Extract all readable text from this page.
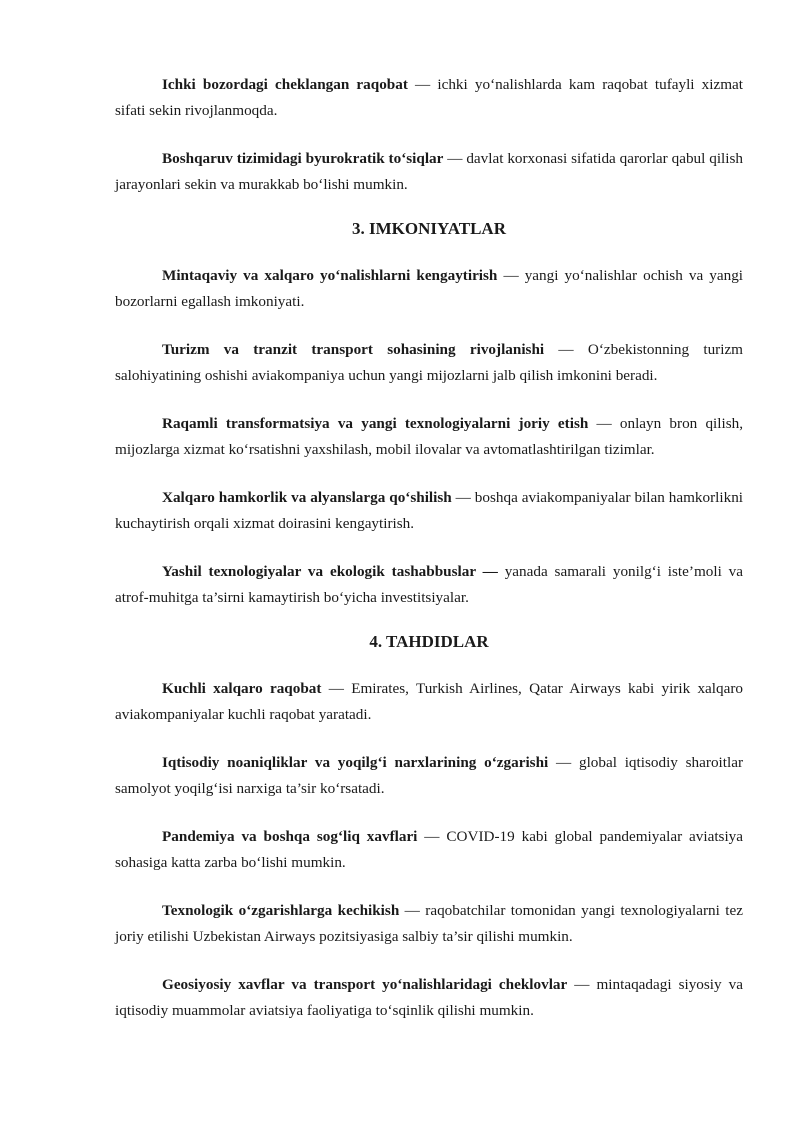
Ichki bozordagi cheklangan raqobat — ichki yo‘nalishlarda kam raqobat tufayli xizmat sifati sekin rivojlanmoqda.

Boshqaruv tizimidagi byurokratik to‘siqlar — davlat korxonasi sifatida qarorlar qabul qilish jarayonlari sekin va murakkab bo‘lishi mumkin.

3. IMKONIYATLAR

Mintaqaviy va xalqaro yo‘nalishlarni kengaytirish — yangi yo‘nalishlar ochish va yangi bozorlarni egallash imkoniyati.

Turizm va tranzit transport sohasining rivojlanishi — O‘zbekistonning turizm salohiyatining oshishi aviakompaniya uchun yangi mijozlarni jalb qilish imkonini beradi.

Raqamli transformatsiya va yangi texnologiyalarni joriy etish — onlayn bron qilish, mijozlarga xizmat ko‘rsatishni yaxshilash, mobil ilovalar va avtomatlashtirilgan tizimlar.

Xalqaro hamkorlik va alyanslarga qo‘shilish — boshqa aviakompaniyalar bilan hamkorlikni kuchaytirish orqali xizmat doirasini kengaytirish.

Yashil texnologiyalar va ekologik tashabbuslar — yanada samarali yonilg‘i iste’moli va atrof-muhitga ta’sirni kamaytirish bo‘yicha investitsiyalar.

4. TAHDIDLAR

Kuchli xalqaro raqobat — Emirates, Turkish Airlines, Qatar Airways kabi yirik xalqaro aviakompaniyalar kuchli raqobat yaratadi.

Iqtisodiy noaniqliklar va yoqilg‘i narxlarining o‘zgarishi — global iqtisodiy sharoitlar samolyot yoqilg‘isi narxiga ta’sir ko‘rsatadi.

Pandemiya va boshqa sog‘liq xavflari — COVID-19 kabi global pandemiyalar aviatsiya sohasiga katta zarba bo‘lishi mumkin.

Texnologik o‘zgarishlarga kechikish — raqobatchilar tomonidan yangi texnologiyalarni tez joriy etilishi Uzbekistan Airways pozitsiyasiga salbiy ta’sir qilishi mumkin.

Geosiyosiy xavflar va transport yo‘nalishlaridagi cheklovlar — mintaqadagi siyosiy va iqtisodiy muammolar aviatsiya faoliyatiga to‘sqinlik qilishi mumkin.
